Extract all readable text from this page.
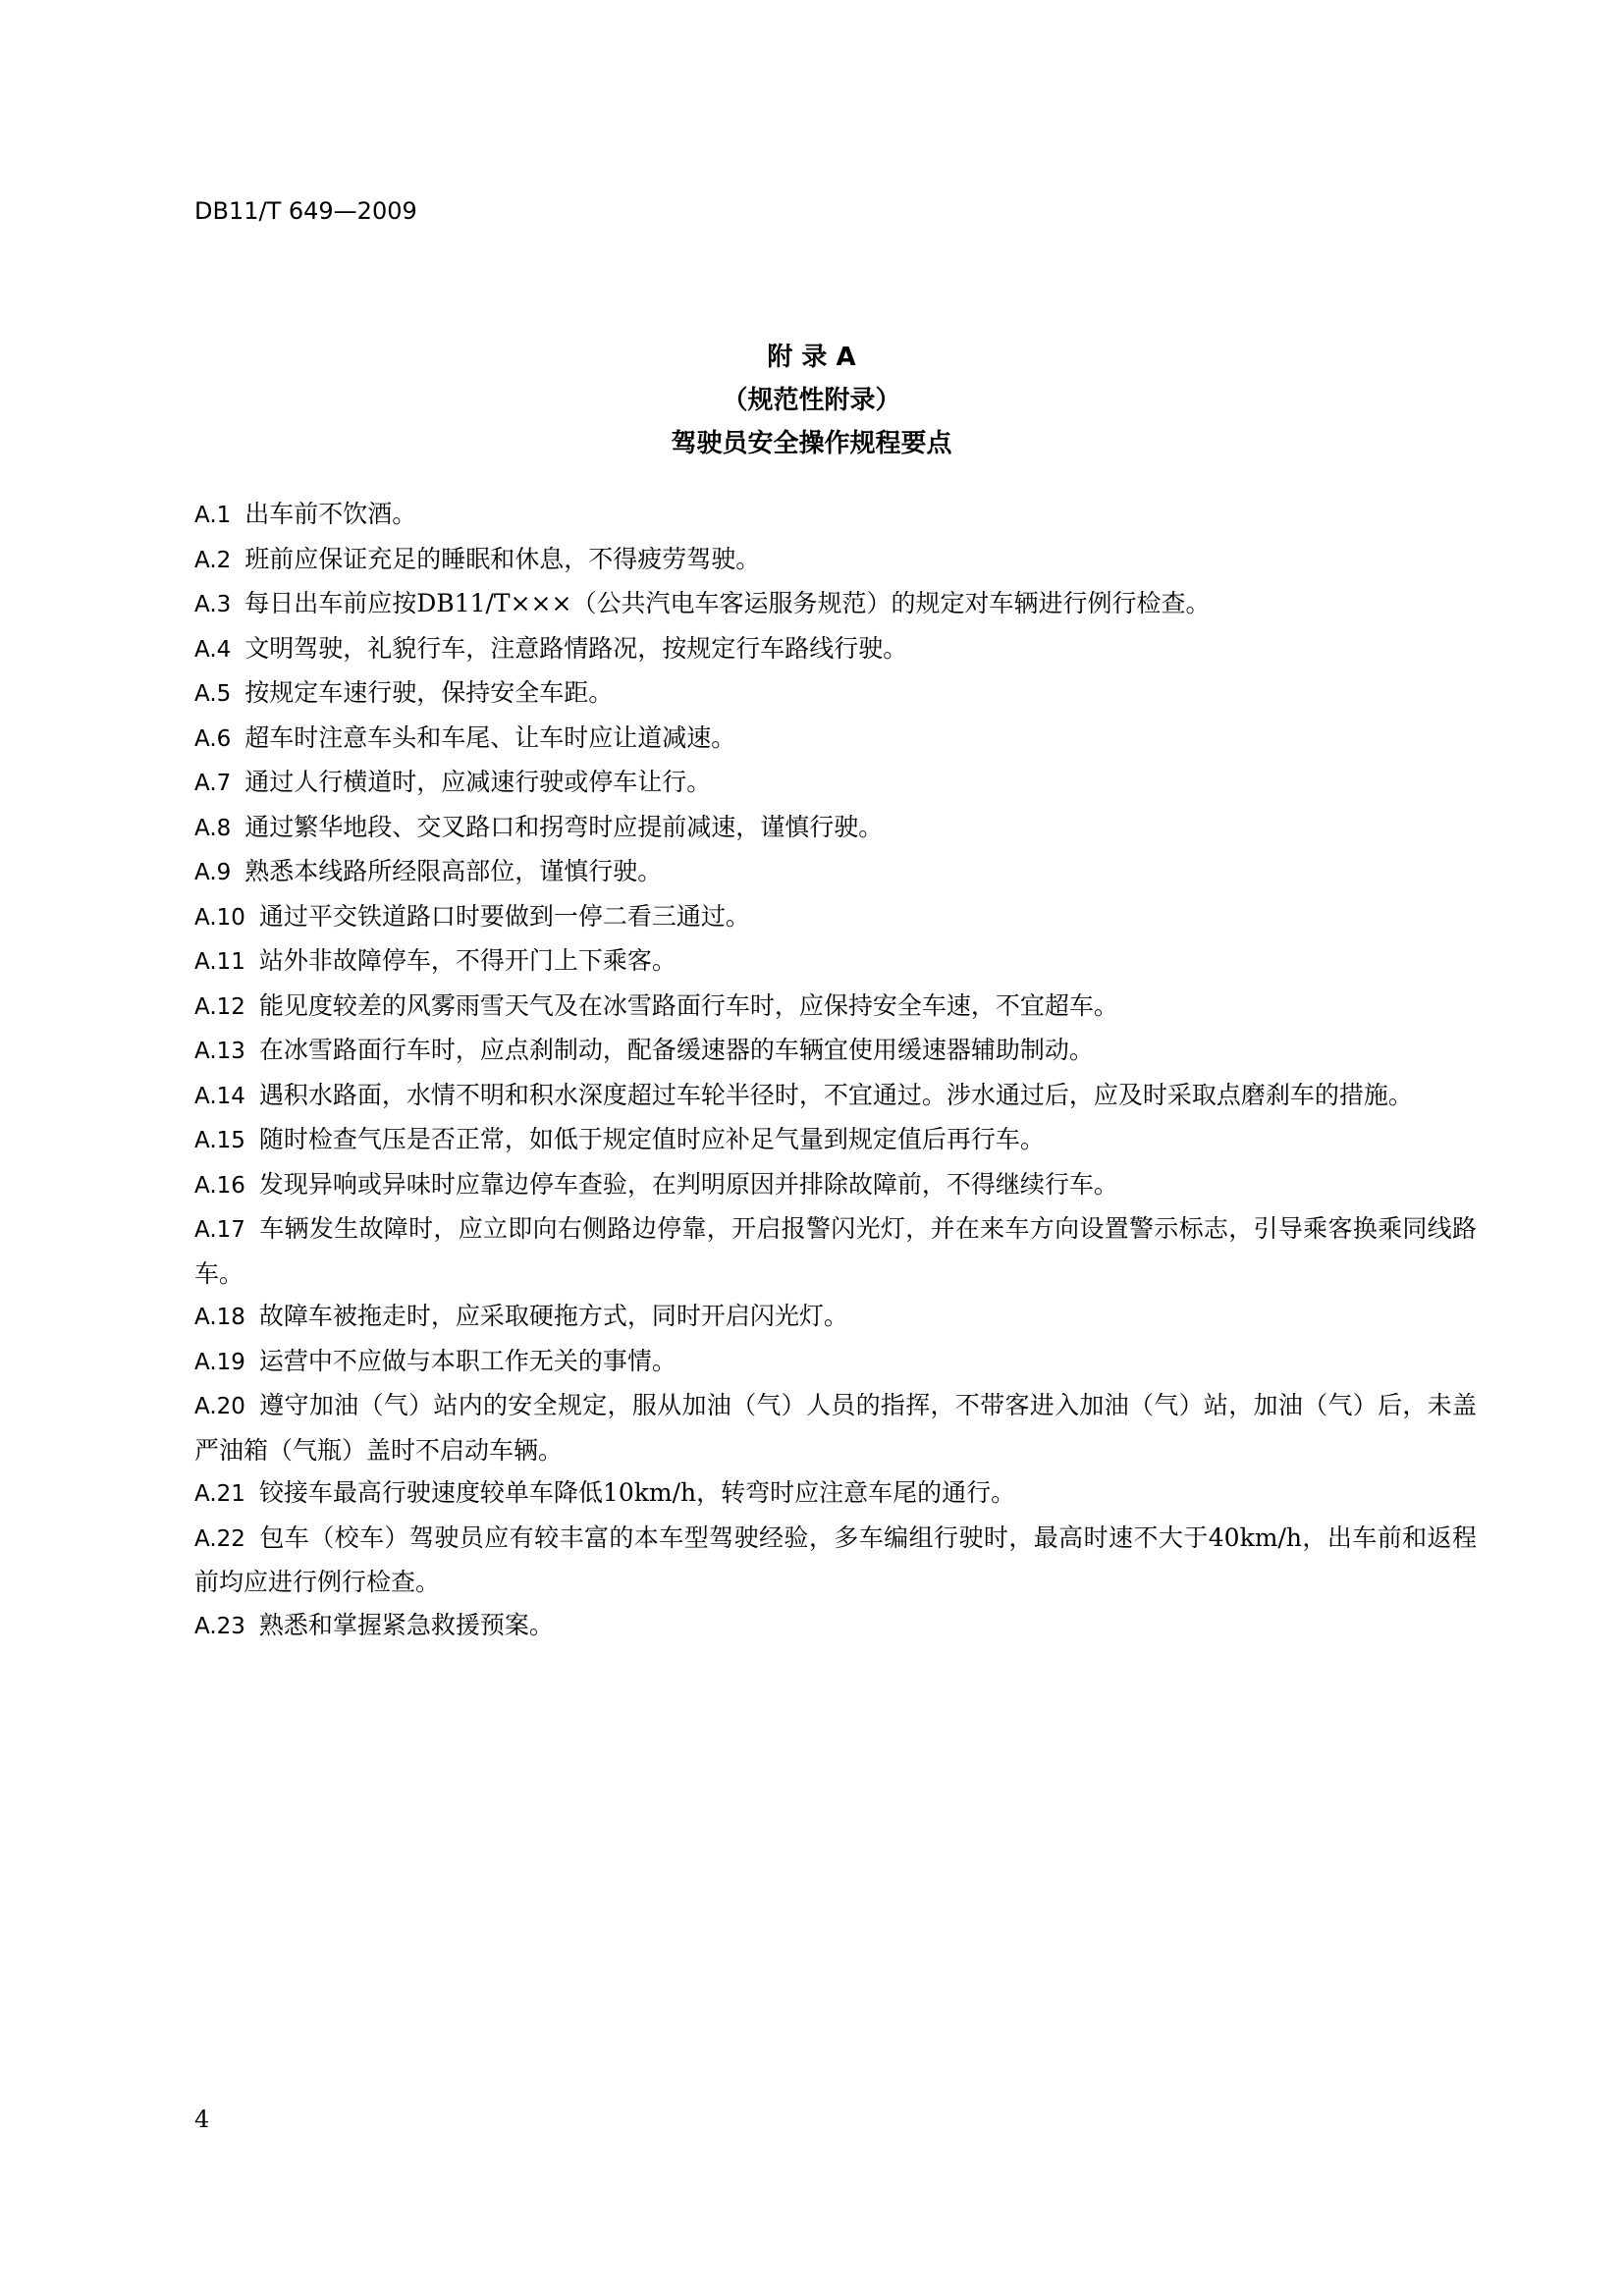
DB11/T 649—2009
附 录 A
（规范性附录）
驾驶员安全操作规程要点

A.1 出车前不饮酒。

A.2 班前应保证充足的睡眠和休息，不得疲劳驾驶。

A.3 每日出车前应按DB11/T×××（公共汽电车客运服务规范）的规定对车辆进行例行检查。

A.4 文明驾驶，礼貌行车，注意路情路况，按规定行车路线行驶。

A.5 按规定车速行驶，保持安全车距。

A.6 超车时注意车头和车尾、让车时应让道减速。

A.7 通过人行横道时，应减速行驶或停车让行。

A.8 通过繁华地段、交叉路口和拐弯时应提前减速，谨慎行驶。

A.9 熟悉本线路所经限高部位，谨慎行驶。

A.10 通过平交铁道路口时要做到一停二看三通过。

A.11 站外非故障停车，不得开门上下乘客。

A.12 能见度较差的风雾雨雪天气及在冰雪路面行车时，应保持安全车速，不宜超车。

A.13 在冰雪路面行车时，应点刹制动，配备缓速器的车辆宜使用缓速器辅助制动。

A.14 遇积水路面，水情不明和积水深度超过车轮半径时，不宜通过。涉水通过后，应及时采取点磨刹车的措施。

A.15 随时检查气压是否正常，如低于规定值时应补足气量到规定值后再行车。

A.16 发现异响或异味时应靠边停车查验，在判明原因并排除故障前，不得继续行车。

A.17 车辆发生故障时，应立即向右侧路边停靠，开启报警闪光灯，并在来车方向设置警示标志，引导乘客换乘同线路车。

A.18 故障车被拖走时，应采取硬拖方式，同时开启闪光灯。

A.19 运营中不应做与本职工作无关的事情。

A.20 遵守加油（气）站内的安全规定，服从加油（气）人员的指挥，不带客进入加油（气）站，加油（气）后，未盖严油箱（气瓶）盖时不启动车辆。

A.21 铰接车最高行驶速度较单车降低10km/h，转弯时应注意车尾的通行。

A.22 包车（校车）驾驶员应有较丰富的本车型驾驶经验，多车编组行驶时，最高时速不大于40km/h，出车前和返程前均应进行例行检查。

A.23 熟悉和掌握紧急救援预案。

4
